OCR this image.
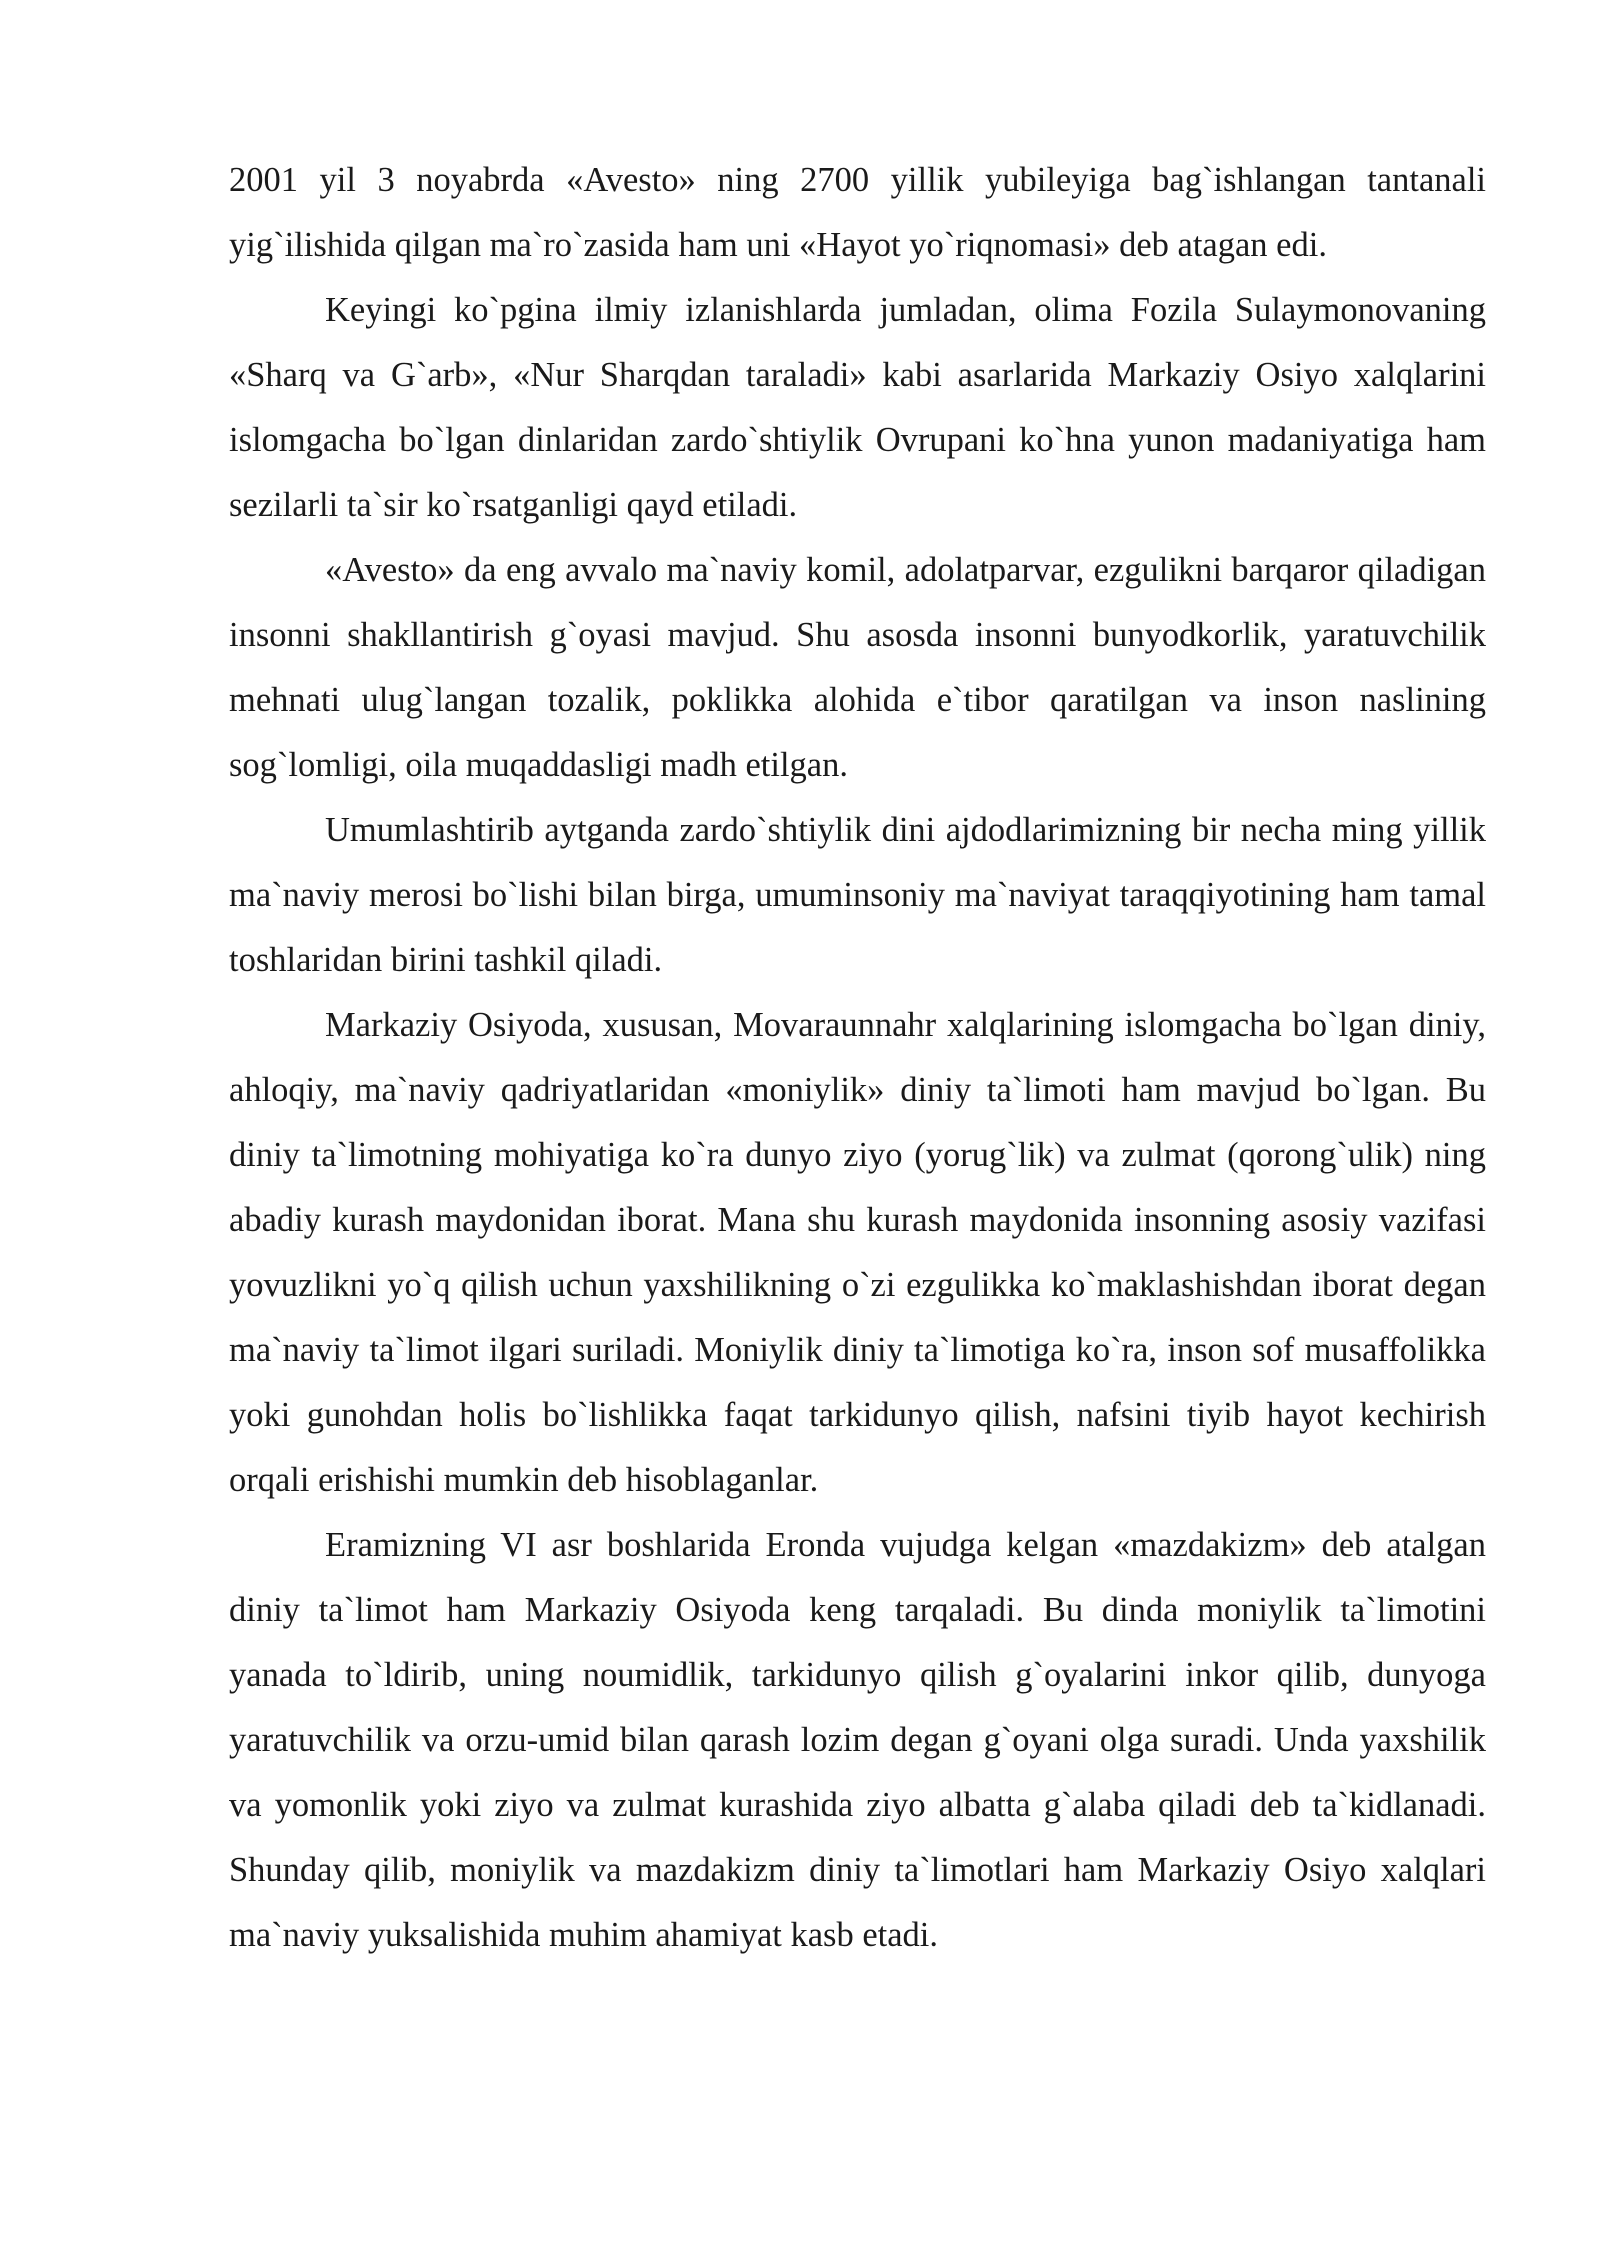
2001 yil 3 noyabrda «Avesto» ning 2700 yillik yubileyiga bag`ishlangan tantanali yig`ilishida qilgan ma`ro`zasida ham uni «Hayot yo`riqnomasi» deb atagan edi.

Keyingi ko`pgina ilmiy izlanishlarda jumladan, olima Fozila Sulaymonovaning «Sharq va G`arb», «Nur Sharqdan taraladi» kabi asarlarida Markaziy Osiyo xalqlarini islomgacha bo`lgan dinlaridan zardo`shtiylik Ovrupani ko`hna yunon madaniyatiga ham sezilarli ta`sir ko`rsatganligi qayd etiladi.

«Avesto» da eng avvalo ma`naviy komil, adolatparvar, ezgulikni barqaror qiladigan insonni shakllantirish g`oyasi mavjud. Shu asosda insonni bunyodkorlik, yaratuvchilik mehnati ulug`langan tozalik, poklikka alohida e`tibor qaratilgan va inson naslining sog`lomligi, oila muqaddasligi madh etilgan.

Umumlashtirib aytganda zardo`shtiylik dini ajdodlarimizning bir necha ming yillik ma`naviy merosi bo`lishi bilan birga, umuminsoniy ma`naviyat taraqqiyotining ham tamal toshlaridan birini tashkil qiladi.

Markaziy Osiyoda, xususan, Movaraunnahr xalqlarining islomgacha bo`lgan diniy, ahloqiy, ma`naviy qadriyatlaridan «moniylik» diniy ta`limoti ham mavjud bo`lgan. Bu diniy ta`limotning mohiyatiga ko`ra dunyo ziyo (yorug`lik) va zulmat (qorong`ulik) ning abadiy kurash maydonidan iborat. Mana shu kurash maydonida insonning asosiy vazifasi yovuzlikni yo`q qilish uchun yaxshilikning o`zi ezgulikka ko`maklashishdan iborat degan ma`naviy ta`limot ilgari suriladi. Moniylik diniy ta`limotiga ko`ra, inson sof musaffolikka yoki gunohdan holis bo`lishlikka faqat tarkidunyo qilish, nafsini tiyib hayot kechirish orqali erishishi mumkin deb hisoblaganlar.

Eramizning VI asr boshlarida Eronda vujudga kelgan «mazdakizm» deb atalgan diniy ta`limot ham Markaziy Osiyoda keng tarqaladi. Bu dinda moniylik ta`limotini yanada to`ldirib, uning noumidlik, tarkidunyo qilish g`oyalarini inkor qilib, dunyoga yaratuvchilik va orzu-umid bilan qarash lozim degan g`oyani olga suradi. Unda yaxshilik va yomonlik yoki ziyo va zulmat kurashida ziyo albatta g`alaba qiladi deb ta`kidlanadi. Shunday qilib, moniylik va mazdakizm diniy ta`limotlari ham Markaziy Osiyo xalqlari ma`naviy yuksalishida muhim ahamiyat kasb etadi.
